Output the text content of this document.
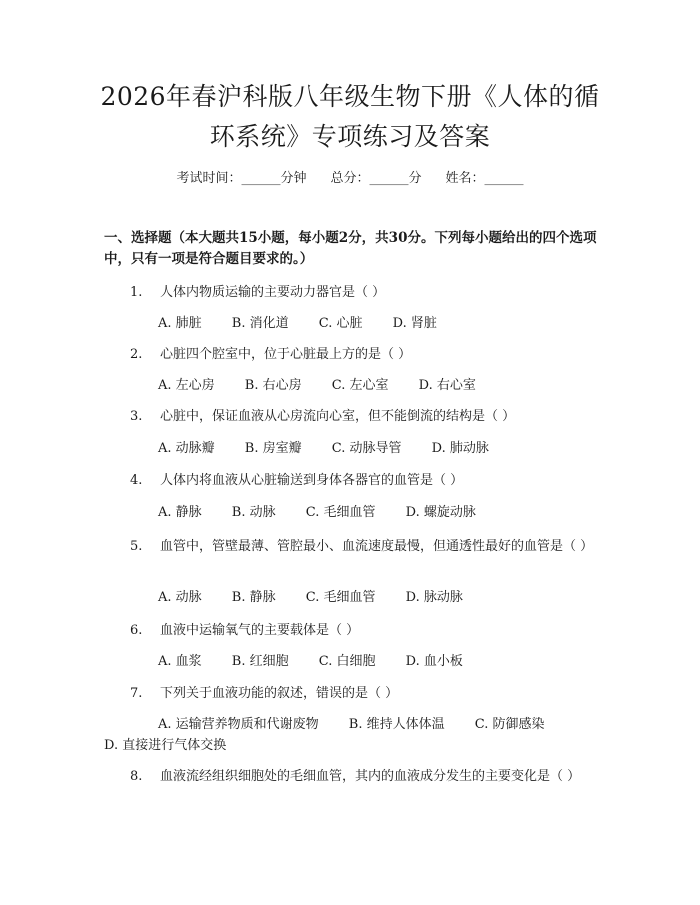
2026年春沪科版八年级生物下册《人体的循
环系统》专项练习及答案
考试时间：______分钟 总分：______分 姓名：______

一、选择题（本大题共15小题，每小题2分，共30分。下列每小题给出的四个选项中，只有一项是符合题目要求的。）

1. 人体内物质运输的主要动力器官是（ ）
A. 肺脏 B. 消化道 C. 心脏 D. 肾脏
2. 心脏四个腔室中，位于心脏最上方的是（ ）
A. 左心房 B. 右心房 C. 左心室 D. 右心室
3. 心脏中，保证血液从心房流向心室，但不能倒流的结构是（ ）
A. 动脉瓣 B. 房室瓣 C. 动脉导管 D. 肺动脉
4. 人体内将血液从心脏输送到身体各器官的血管是（ ）
A. 静脉 B. 动脉 C. 毛细血管 D. 螺旋动脉
5. 血管中，管壁最薄、管腔最小、血流速度最慢，但通透性最好的血管是（ ）
A. 动脉 B. 静脉 C. 毛细血管 D. 脉动脉
6. 血液中运输氧气的主要载体是（ ）
A. 血浆 B. 红细胞 C. 白细胞 D. 血小板
7. 下列关于血液功能的叙述，错误的是（ ）
A. 运输营养物质和代谢废物 B. 维持人体体温 C. 防御感染 D. 直接进行气体交换
8. 血液流经组织细胞处的毛细血管，其内的血液成分发生的主要变化是（ ）
